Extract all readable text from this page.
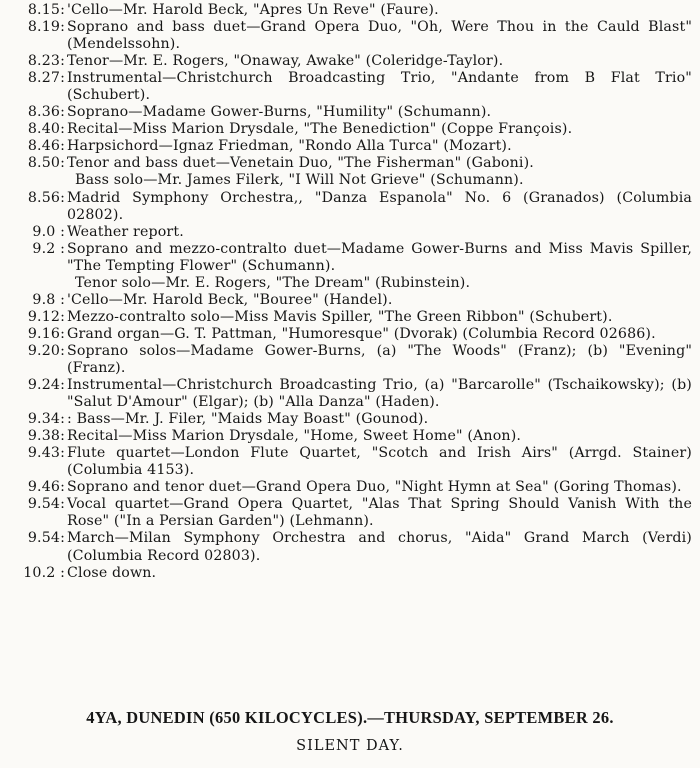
8.15: 'Cello—Mr. Harold Beck, "Apres Un Reve" (Faure).
8.19: Soprano and bass duet—Grand Opera Duo, "Oh, Were Thou in the Cauld Blast" (Mendelssohn).
8.23: Tenor—Mr. E. Rogers, "Onaway, Awake" (Coleridge-Taylor).
8.27: Instrumental—Christchurch Broadcasting Trio, "Andante from B Flat Trio" (Schubert).
8.36: Soprano—Madame Gower-Burns, "Humility" (Schumann).
8.40: Recital—Miss Marion Drysdale, "The Benediction" (Coppe François).
8.46: Harpsichord—Ignaz Friedman, "Rondo Alla Turca" (Mozart).
8.50: Tenor and bass duet—Venetain Duo, "The Fisherman" (Gaboni).
Bass solo—Mr. James Filerk, "I Will Not Grieve" (Schumann).
8.56: Madrid Symphony Orchestra,, "Danza Espanola" No. 6 (Granados) (Columbia 02802).
9.0 : Weather report.
9.2 : Soprano and mezzo-contralto duet—Madame Gower-Burns and Miss Mavis Spiller, "The Tempting Flower" (Schumann).
Tenor solo—Mr. E. Rogers, "The Dream" (Rubinstein).
9.8 : 'Cello—Mr. Harold Beck, "Bouree" (Handel).
9.12: Mezzo-contralto solo—Miss Mavis Spiller, "The Green Ribbon" (Schubert).
9.16: Grand organ—G. T. Pattman, "Humoresque" (Dvorak) (Columbia Record 02686).
9.20: Soprano solos—Madame Gower-Burns, (a) "The Woods" (Franz); (b) "Evening" (Franz).
9.24: Instrumental—Christchurch Broadcasting Trio, (a) "Barcarolle" (Tschaikowsky); (b) "Salut D'Amour" (Elgar); (b) "Alla Danza" (Haden).
9.34: : Bass—Mr. J. Filer, "Maids May Boast" (Gounod).
9.38: Recital—Miss Marion Drysdale, "Home, Sweet Home" (Anon).
9.43: Flute quartet—London Flute Quartet, "Scotch and Irish Airs" (Arrgd. Stainer) (Columbia 4153).
9.46: Soprano and tenor duet—Grand Opera Duo, "Night Hymn at Sea" (Goring Thomas).
9.54: Vocal quartet—Grand Opera Quartet, "Alas That Spring Should Vanish With the Rose" ("In a Persian Garden") (Lehmann).
9.54: March—Milan Symphony Orchestra and chorus, "Aida" Grand March (Verdi) (Columbia Record 02803).
10.2 : Close down.
4YA, DUNEDIN (650 KILOCYCLES).—THURSDAY, SEPTEMBER 26.
SILENT DAY.
